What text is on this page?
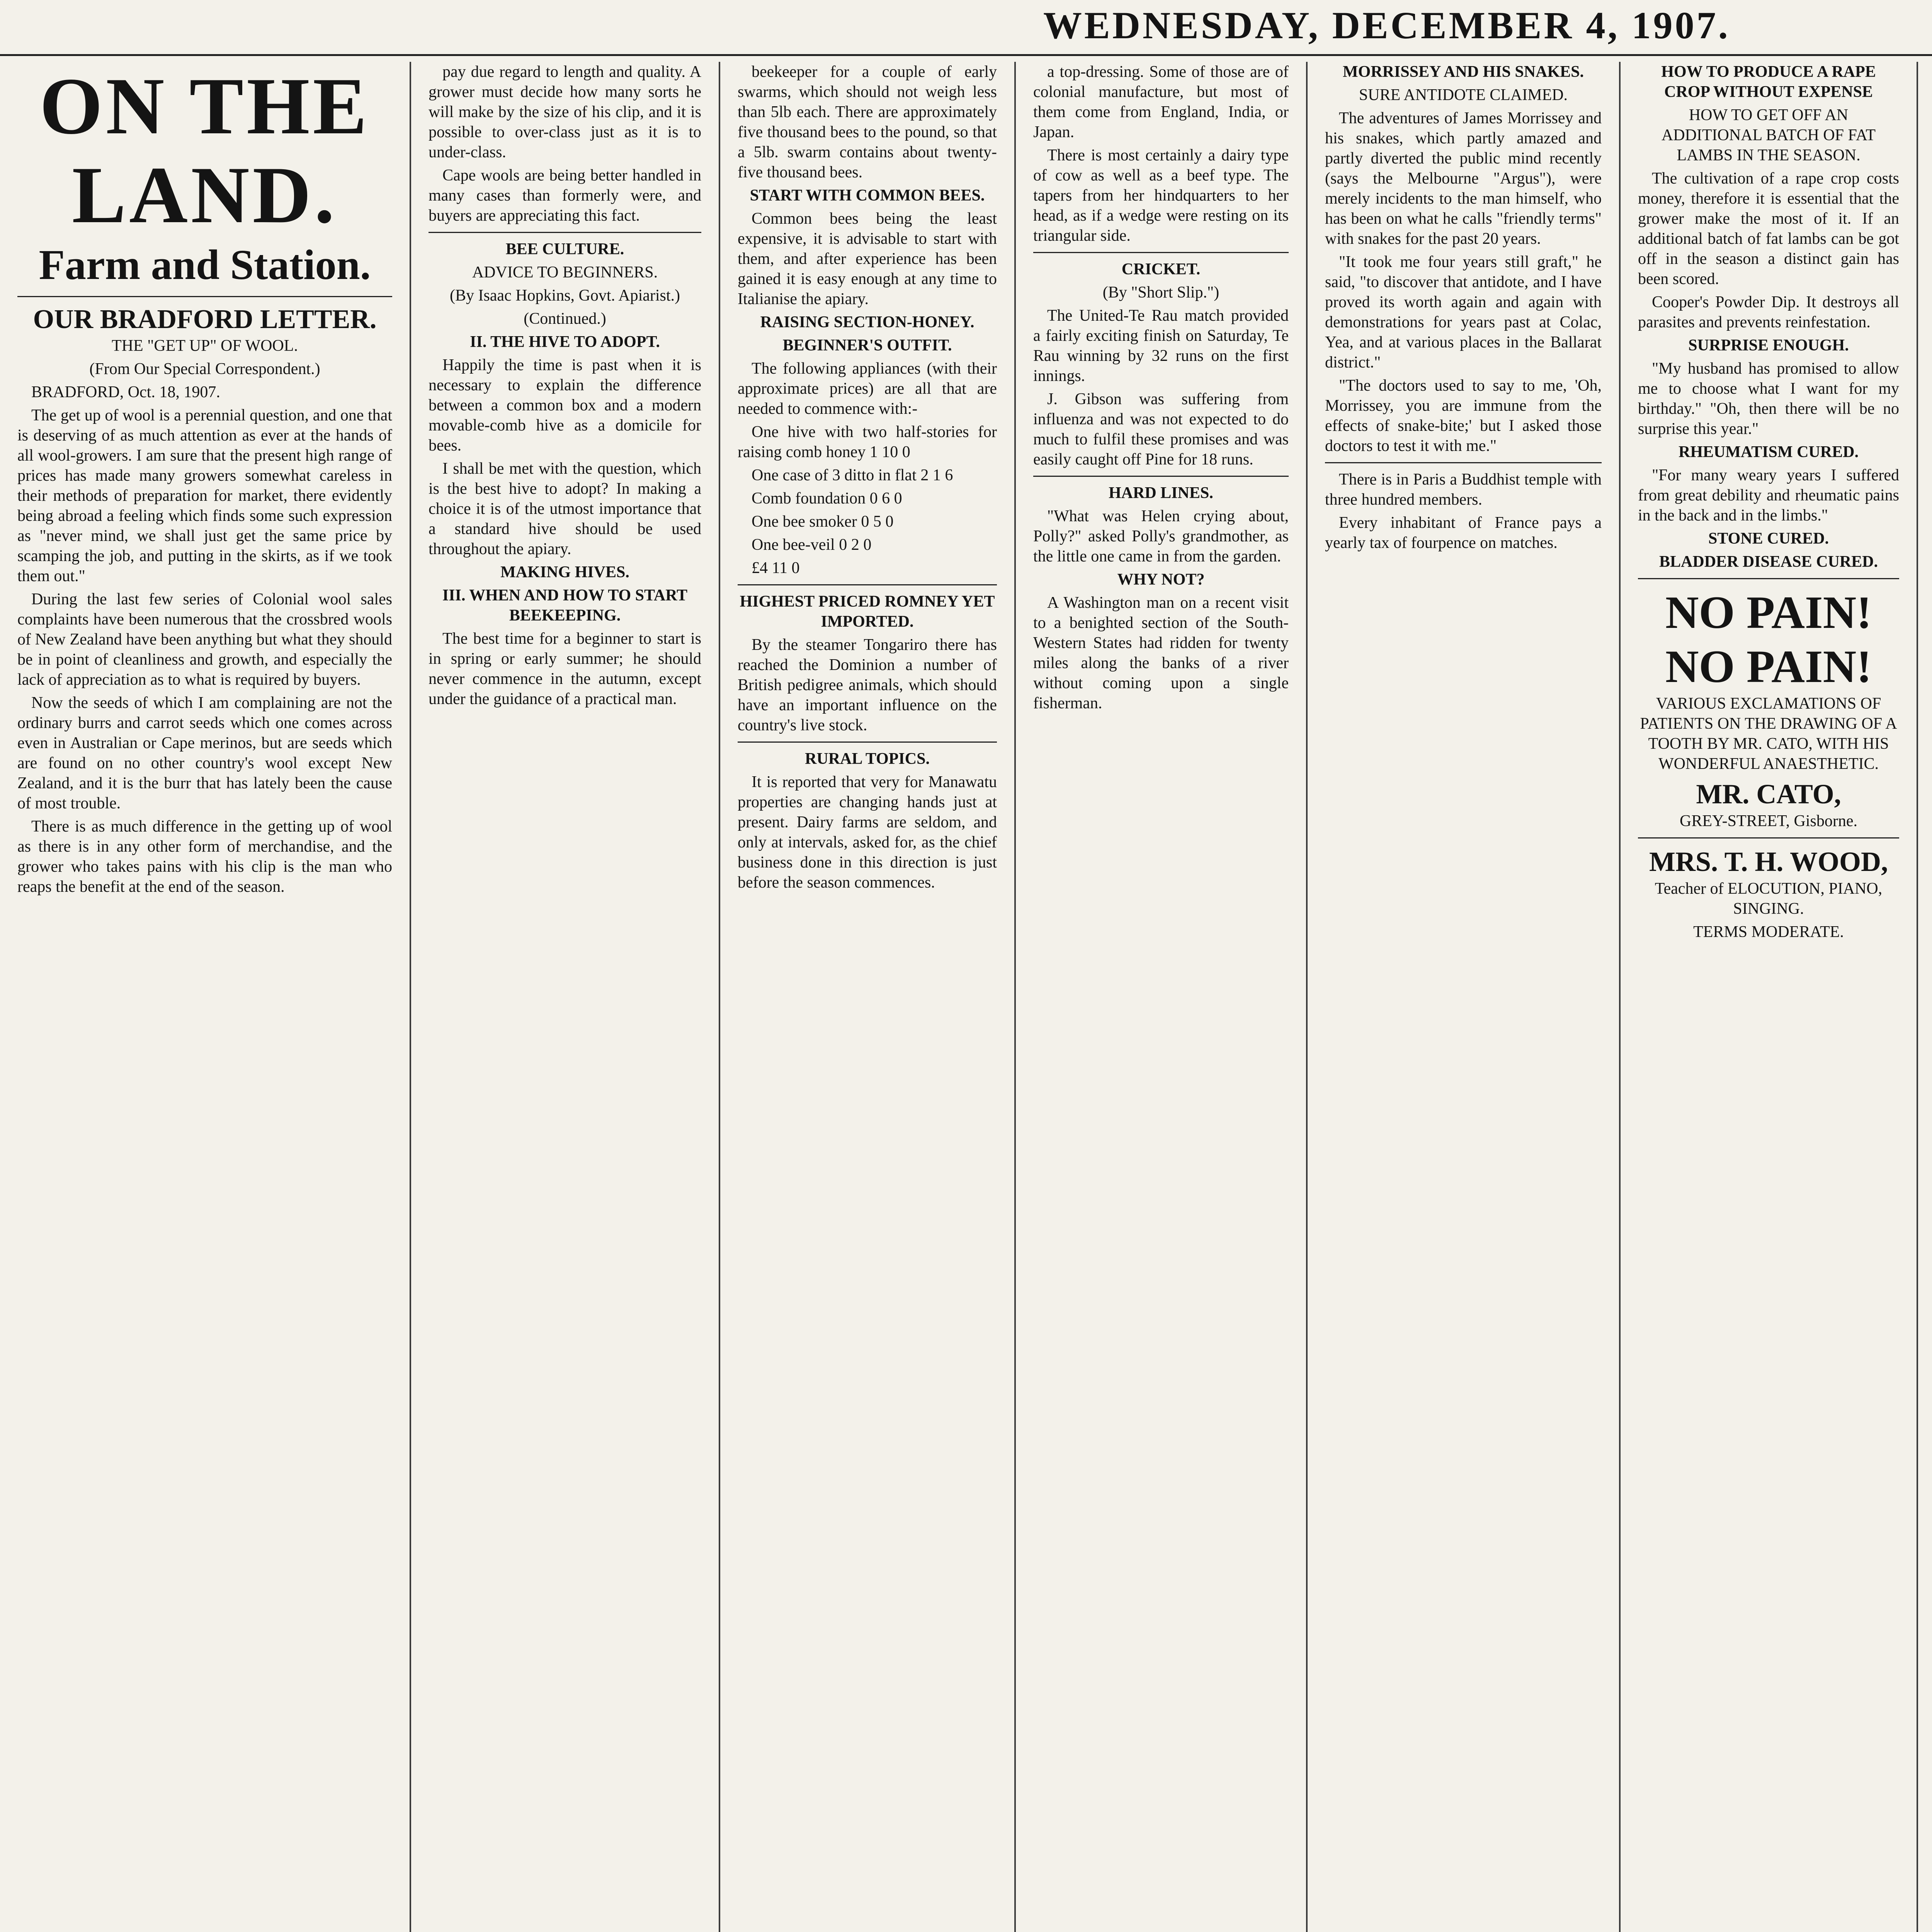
WEDNESDAY, DECEMBER 4, 1907.
ON THE LAND.
Farm and Station.
OUR BRADFORD LETTER.

THE "GET UP" OF WOOL.

(From Our Special Correspondent.)

BRADFORD, Oct. 18, 1907.

The get up of wool is a perennial question, and one that is deserving of as much attention as ever at the hands of all wool-growers. I am sure that the present high range of prices has made many growers somewhat careless in their methods of preparation for market, there evidently being abroad a feeling which finds some such expression as "never mind, we shall just get the same price by scamping the job, and putting in the skirts, as if we took them out."

During the last few series of Colonial wool sales complaints have been numerous that the crossbred wools of New Zealand have been anything but what they should be in point of cleanliness and growth, and especially the lack of appreciation as to what is required by buyers.

Now the seeds of which I am complaining are not the ordinary burrs and carrot seeds which one comes across even in Australian or Cape merinos, but are seeds which are found on no other country's wool except New Zealand, and it is the burr that has lately been the cause of most trouble.

There is as much difference in the getting up of wool as there is in any other form of merchandise, and the grower who takes pains with his clip is the man who reaps the benefit at the end of the season.

pay due regard to length and quality. A grower must decide how many sorts he will make by the size of his clip, and it is possible to over-class just as it is to under-class.

Cape wools are being better handled in many cases than formerly were, and buyers are appreciating this fact.

BEE CULTURE.

ADVICE TO BEGINNERS.

(By Isaac Hopkins, Govt. Apiarist.)

(Continued.)

II. THE HIVE TO ADOPT.

Happily the time is past when it is necessary to explain the difference between a common box and a modern movable-comb hive as a domicile for bees.

I shall be met with the question, which is the best hive to adopt? In making a choice it is of the utmost importance that a standard hive should be used throughout the apiary.

MAKING HIVES.

III. WHEN AND HOW TO START BEEKEEPING.

The best time for a beginner to start is in spring or early summer; he should never commence in the autumn, except under the guidance of a practical man.

beekeeper for a couple of early swarms, which should not weigh less than 5lb each. There are approximately five thousand bees to the pound, so that a 5lb. swarm contains about twenty-five thousand bees.

START WITH COMMON BEES.

Common bees being the least expensive, it is advisable to start with them, and after experience has been gained it is easy enough at any time to Italianise the apiary.

RAISING SECTION-HONEY.

BEGINNER'S OUTFIT.

The following appliances (with their approximate prices) are all that are needed to commence with:-

One hive with two half-stories for raising comb honey 1 10 0

One case of 3 ditto in flat 2 1 6

Comb foundation 0 6 0

One bee smoker 0 5 0

One bee-veil 0 2 0

£4 11 0

HIGHEST PRICED ROMNEY YET IMPORTED.

By the steamer Tongariro there has reached the Dominion a number of British pedigree animals, which should have an important influence on the country's live stock.

RURAL TOPICS.

It is reported that very for Manawatu properties are changing hands just at present. Dairy farms are seldom, and only at intervals, asked for, as the chief business done in this direction is just before the season commences.

a top-dressing. Some of those are of colonial manufacture, but most of them come from England, India, or Japan.

There is most certainly a dairy type of cow as well as a beef type. The tapers from her hindquarters to her head, as if a wedge were resting on its triangular side.

CRICKET.

(By "Short Slip.")

The United-Te Rau match provided a fairly exciting finish on Saturday, Te Rau winning by 32 runs on the first innings.

J. Gibson was suffering from influenza and was not expected to do much to fulfil these promises and was easily caught off Pine for 18 runs.

HARD LINES.

"What was Helen crying about, Polly?" asked Polly's grandmother, as the little one came in from the garden.

WHY NOT?

A Washington man on a recent visit to a benighted section of the South-Western States had ridden for twenty miles along the banks of a river without coming upon a single fisherman.

MORRISSEY AND HIS SNAKES.

SURE ANTIDOTE CLAIMED.

The adventures of James Morrissey and his snakes, which partly amazed and partly diverted the public mind recently (says the Melbourne "Argus"), were merely incidents to the man himself, who has been on what he calls "friendly terms" with snakes for the past 20 years.

"It took me four years still graft," he said, "to discover that antidote, and I have proved its worth again and again with demonstrations for years past at Colac, Yea, and at various places in the Ballarat district."

"The doctors used to say to me, 'Oh, Morrissey, you are immune from the effects of snake-bite;' but I asked those doctors to test it with me."

There is in Paris a Buddhist temple with three hundred members.

Every inhabitant of France pays a yearly tax of fourpence on matches.

HOW TO PRODUCE A RAPE CROP WITHOUT EXPENSE

HOW TO GET OFF AN ADDITIONAL BATCH OF FAT LAMBS IN THE SEASON.

The cultivation of a rape crop costs money, therefore it is essential that the grower make the most of it. If an additional batch of fat lambs can be got off in the season a distinct gain has been scored.

Cooper's Powder Dip. It destroys all parasites and prevents reinfestation.

SURPRISE ENOUGH.

"My husband has promised to allow me to choose what I want for my birthday." "Oh, then there will be no surprise this year."

RHEUMATISM CURED.

"For many weary years I suffered from great debility and rheumatic pains in the back and in the limbs."

STONE CURED.

BLADDER DISEASE CURED.

NO PAIN! NO PAIN!

VARIOUS EXCLAMATIONS OF PATIENTS ON THE DRAWING OF A TOOTH BY MR. CATO, WITH HIS WONDERFUL ANAESTHETIC.

MR. CATO,

GREY-STREET, Gisborne.

MRS. T. H. WOOD,

Teacher of ELOCUTION, PIANO, SINGING.

TERMS MODERATE.
